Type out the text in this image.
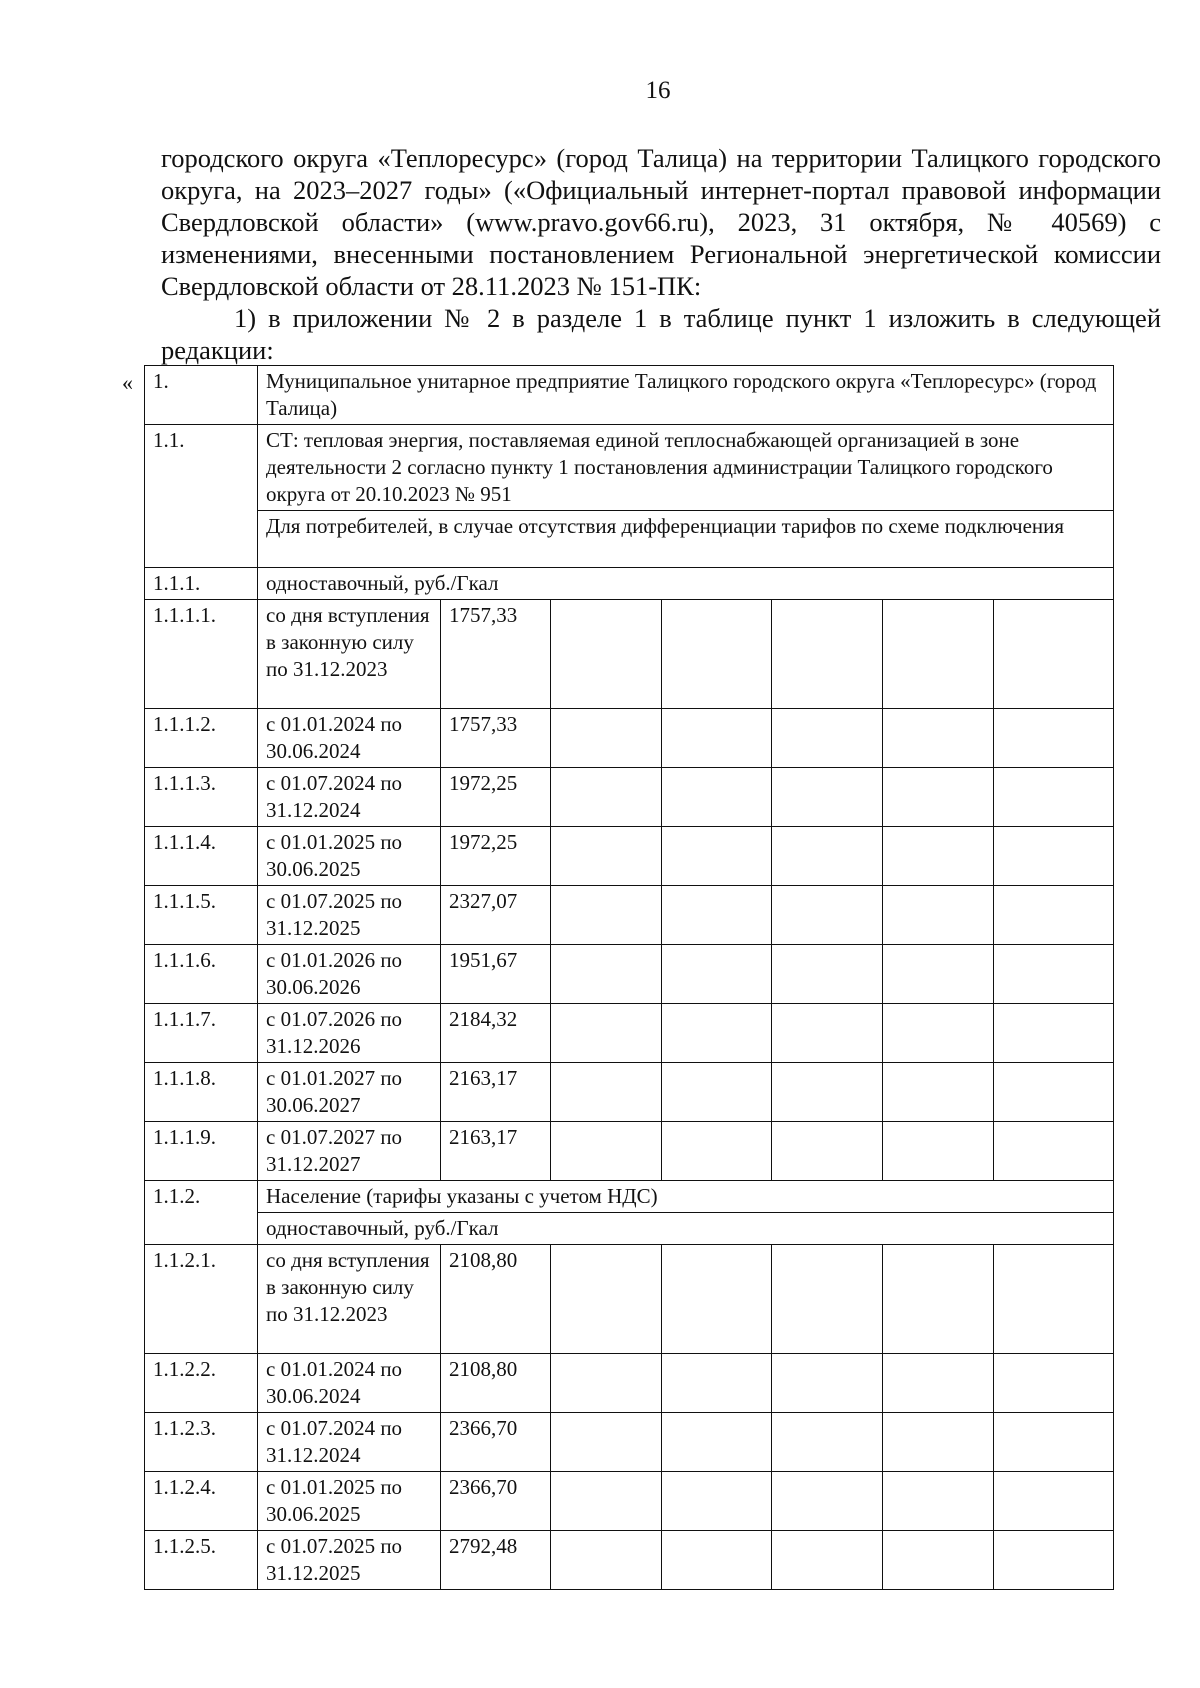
16

городского округа «Теплоресурс» (город Талица) на территории Талицкого городского округа, на 2023–2027 годы» («Официальный интернет-портал правовой информации Свердловской области» (www.pravo.gov66.ru), 2023, 31 октября, № 40569) с изменениями, внесенными постановлением Региональной энергетической комиссии Свердловской области от 28.11.2023 № 151-ПК:

1) в приложении № 2 в разделе 1 в таблице пункт 1 изложить в следующей редакции:

« 1.	Муниципальное унитарное предприятие Талицкого городского округа «Теплоресурс» (город Талица)						
1.1.	СТ: тепловая энергия, поставляемая единой теплоснабжающей организацией в зоне деятельности 2 согласно пункту 1 постановления администрации Талицкого городского округа от 20.10.2023 № 951						
	Для потребителей, в случае отсутствия дифференциации тарифов по схеме подключения						
1.1.1.	одноставочный, руб./Гкал						
1.1.1.1.	со дня вступления в законную силу по 31.12.2023	1757,33					
1.1.1.2.	с 01.01.2024 по 30.06.2024	1757,33					
1.1.1.3.	с 01.07.2024 по 31.12.2024	1972,25					
1.1.1.4.	с 01.01.2025 по 30.06.2025	1972,25					
1.1.1.5.	с 01.07.2025 по 31.12.2025	2327,07					
1.1.1.6.	с 01.01.2026 по 30.06.2026	1951,67					
1.1.1.7.	с 01.07.2026 по 31.12.2026	2184,32					
1.1.1.8.	с 01.01.2027 по 30.06.2027	2163,17					
1.1.1.9.	с 01.07.2027 по 31.12.2027	2163,17					
1.1.2.	Население (тарифы указаны с учетом НДС)						
	одноставочный, руб./Гкал						
1.1.2.1.	со дня вступления в законную силу по 31.12.2023	2108,80					
1.1.2.2.	с 01.01.2024 по 30.06.2024	2108,80					
1.1.2.3.	с 01.07.2024 по 31.12.2024	2366,70					
1.1.2.4.	с 01.01.2025 по 30.06.2025	2366,70					
1.1.2.5.	с 01.07.2025 по 31.12.2025	2792,48					
